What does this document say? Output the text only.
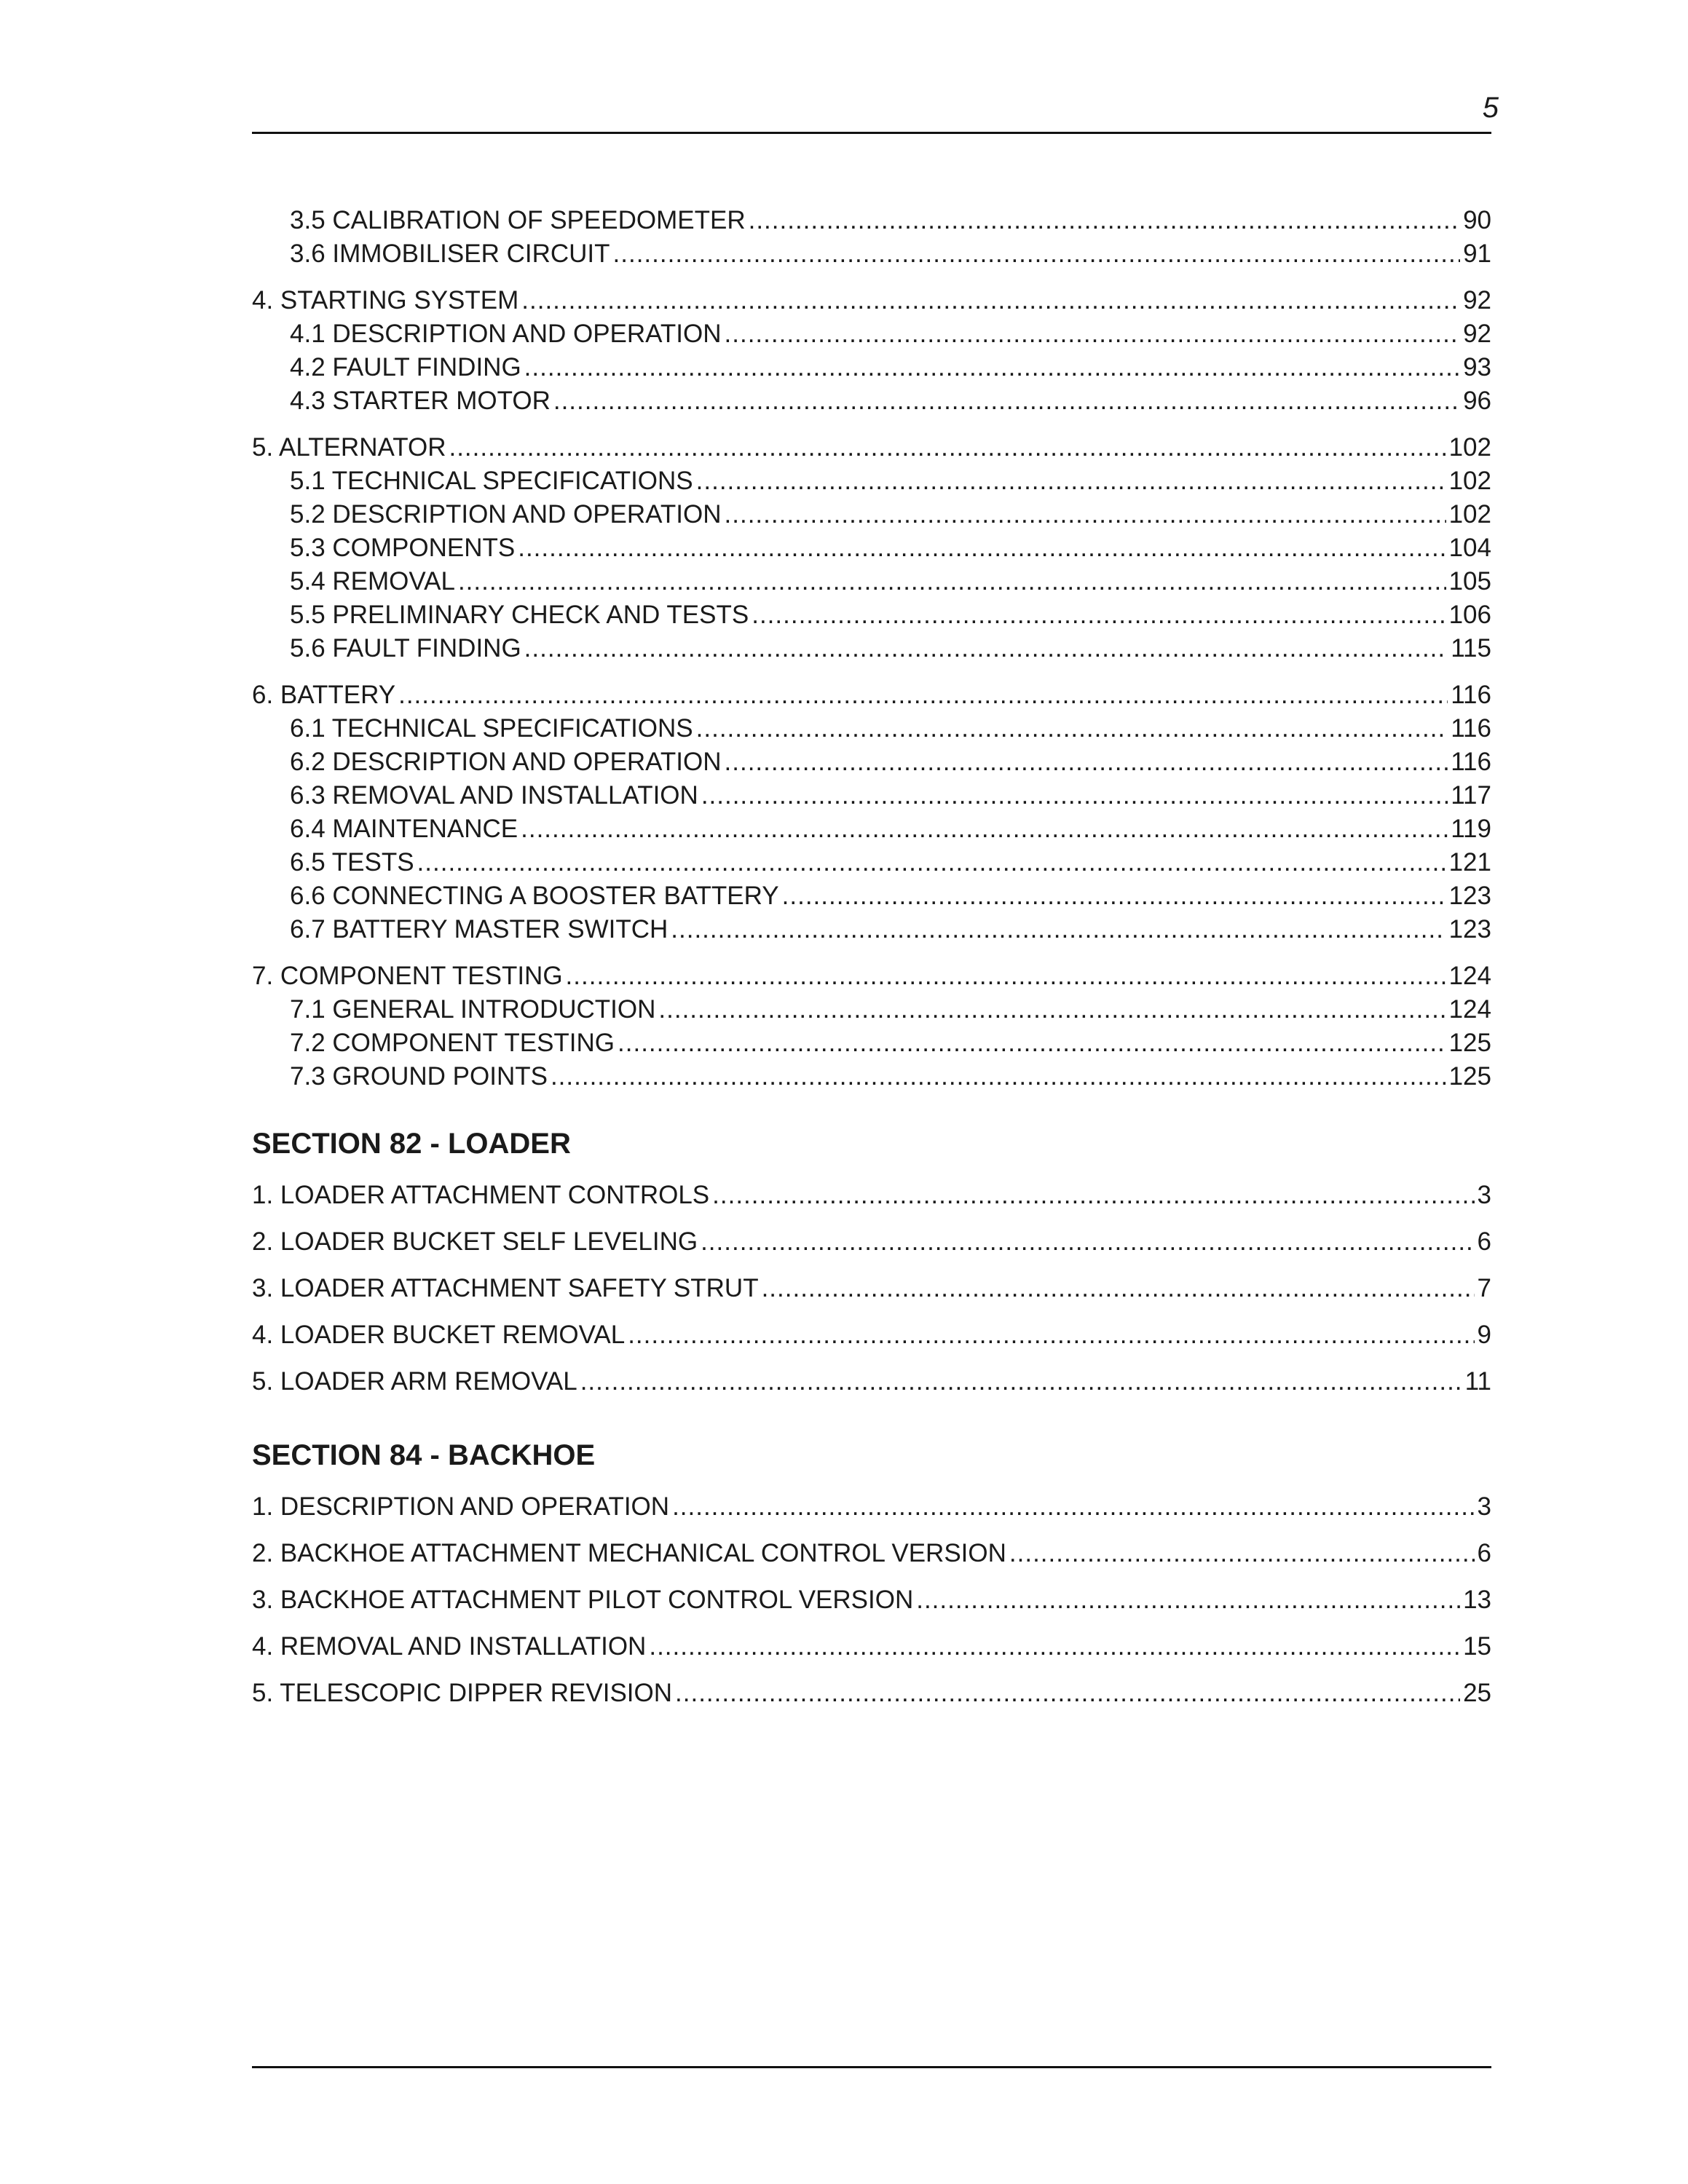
5
3.5 CALIBRATION OF SPEEDOMETER .....	90
3.6 IMMOBILISER CIRCUIT .....	91
4. STARTING SYSTEM .....	92
4.1 DESCRIPTION AND OPERATION .....	92
4.2 FAULT FINDING .....	93
4.3 STARTER MOTOR .....	96
5. ALTERNATOR .....	102
5.1 TECHNICAL SPECIFICATIONS .....	102
5.2 DESCRIPTION AND OPERATION .....	102
5.3 COMPONENTS .....	104
5.4 REMOVAL .....	105
5.5 PRELIMINARY CHECK AND TESTS .....	106
5.6 FAULT FINDING .....	115
6. BATTERY .....	116
6.1 TECHNICAL SPECIFICATIONS .....	116
6.2 DESCRIPTION AND OPERATION .....	116
6.3 REMOVAL AND INSTALLATION .....	117
6.4 MAINTENANCE .....	119
6.5 TESTS .....	121
6.6 CONNECTING A BOOSTER BATTERY .....	123
6.7 BATTERY MASTER SWITCH .....	123
7. COMPONENT TESTING .....	124
7.1 GENERAL INTRODUCTION .....	124
7.2 COMPONENT TESTING .....	125
7.3 GROUND POINTS .....	125
SECTION 82 - LOADER
1. LOADER ATTACHMENT CONTROLS .....	3
2. LOADER BUCKET SELF LEVELING .....	6
3. LOADER ATTACHMENT SAFETY STRUT .....	7
4. LOADER BUCKET REMOVAL .....	9
5. LOADER ARM REMOVAL .....	11
SECTION 84 - BACKHOE
1. DESCRIPTION AND OPERATION .....	3
2. BACKHOE ATTACHMENT MECHANICAL CONTROL VERSION .....	6
3. BACKHOE ATTACHMENT PILOT CONTROL VERSION .....	13
4. REMOVAL AND INSTALLATION .....	15
5. TELESCOPIC DIPPER REVISION .....	25
